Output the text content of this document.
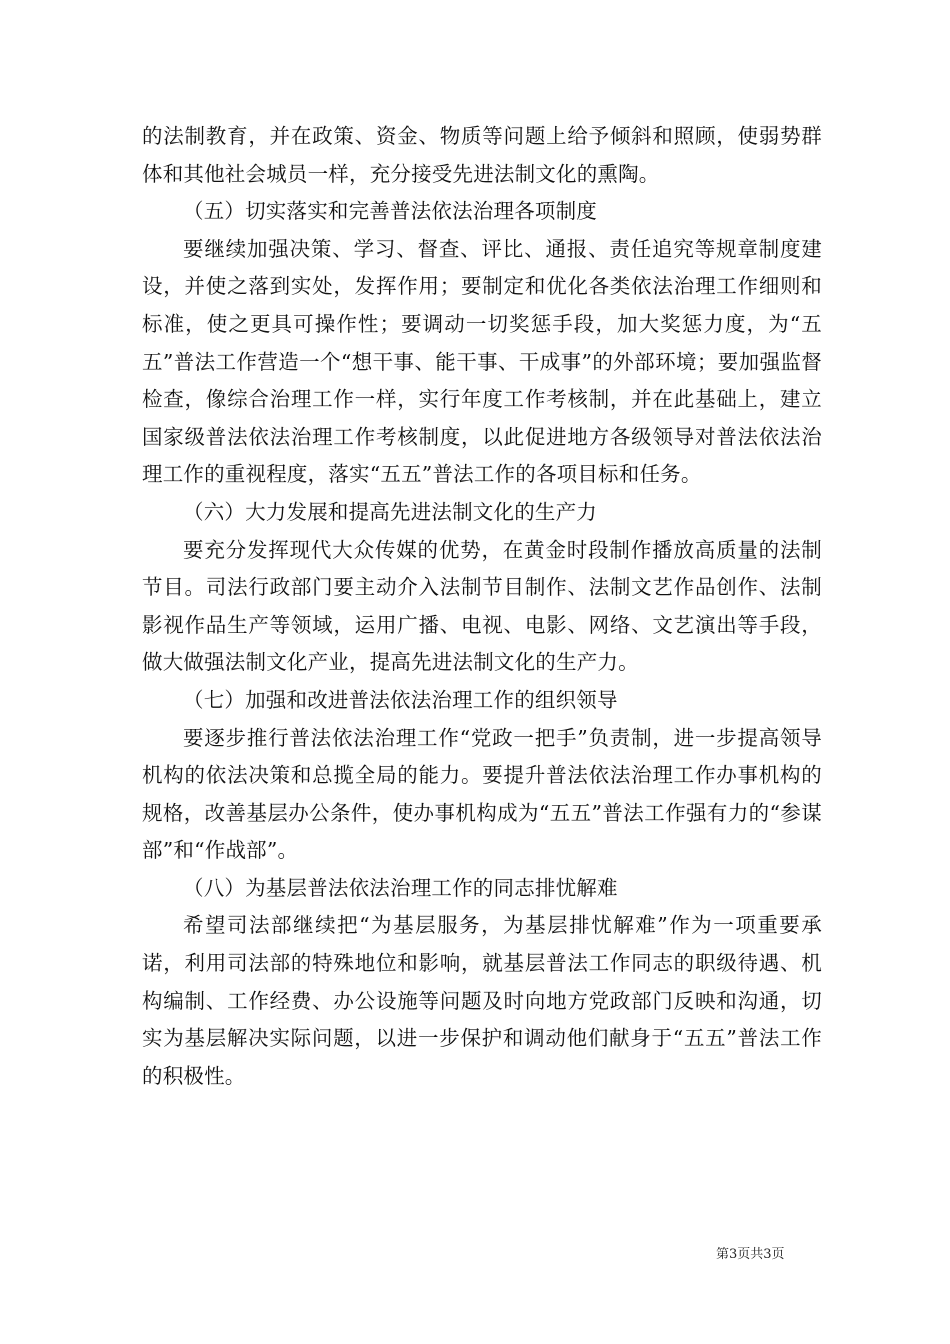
的法制教育，并在政策、资金、物质等问题上给予倾斜和照顾，使弱势群体和其他社会城员一样，充分接受先进法制文化的熏陶。

（五）切实落实和完善普法依法治理各项制度

要继续加强决策、学习、督查、评比、通报、责任追究等规章制度建设，并使之落到实处，发挥作用；要制定和优化各类依法治理工作细则和标准，使之更具可操作性；要调动一切奖惩手段，加大奖惩力度，为“五五”普法工作营造一个“想干事、能干事、干成事”的外部环境；要加强监督检查，像综合治理工作一样，实行年度工作考核制，并在此基础上，建立国家级普法依法治理工作考核制度，以此促进地方各级领导对普法依法治理工作的重视程度，落实“五五”普法工作的各项目标和任务。

（六）大力发展和提高先进法制文化的生产力

要充分发挥现代大众传媒的优势，在黄金时段制作播放高质量的法制节目。司法行政部门要主动介入法制节目制作、法制文艺作品创作、法制影视作品生产等领域，运用广播、电视、电影、网络、文艺演出等手段，做大做强法制文化产业，提高先进法制文化的生产力。

（七）加强和改进普法依法治理工作的组织领导

要逐步推行普法依法治理工作“党政一把手”负责制，进一步提高领导机构的依法决策和总揽全局的能力。要提升普法依法治理工作办事机构的规格，改善基层办公条件，使办事机构成为“五五”普法工作强有力的“参谋部”和“作战部”。

（八）为基层普法依法治理工作的同志排忧解难

希望司法部继续把“为基层服务，为基层排忧解难”作为一项重要承诺，利用司法部的特殊地位和影响，就基层普法工作同志的职级待遇、机构编制、工作经费、办公设施等问题及时向地方党政部门反映和沟通，切实为基层解决实际问题，以进一步保护和调动他们献身于“五五”普法工作的积极性。

第3页共3页
